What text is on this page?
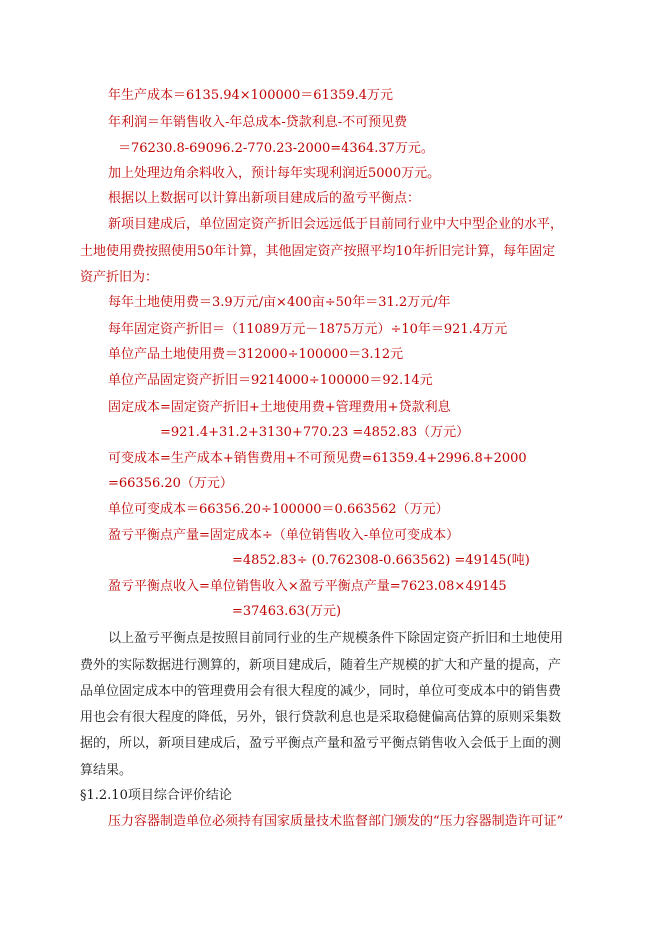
年生产成本＝6135.94×100000＝61359.4万元
年利润＝年销售收入-年总成本-贷款利息-不可预见费
＝76230.8-69096.2-770.23-2000=4364.37万元。
加上处理边角余料收入，预计每年实现利润近5000万元。
根据以上数据可以计算出新项目建成后的盈亏平衡点：
新项目建成后，单位固定资产折旧会远远低于目前同行业中大中型企业的水平，
土地使用费按照使用50年计算，其他固定资产按照平均10年折旧完计算，每年固定
资产折旧为：
每年土地使用费＝3.9万元/亩×400亩÷50年＝31.2万元/年
每年固定资产折旧＝（11089万元－1875万元）÷10年＝921.4万元
单位产品土地使用费＝312000÷100000＝3.12元
单位产品固定资产折旧＝9214000÷100000＝92.14元
固定成本=固定资产折旧+土地使用费+管理费用+贷款利息
=921.4+31.2+3130+770.23 =4852.83（万元）
可变成本=生产成本+销售费用+不可预见费=61359.4+2996.8+2000
=66356.20（万元）
单位可变成本＝66356.20÷100000＝0.663562（万元）
盈亏平衡点产量=固定成本÷（单位销售收入-单位可变成本）
=4852.83÷ (0.762308-0.663562) =49145(吨)
盈亏平衡点收入=单位销售收入×盈亏平衡点产量=7623.08×49145
=37463.63(万元)
以上盈亏平衡点是按照目前同行业的生产规模条件下除固定资产折旧和土地使用
费外的实际数据进行测算的，新项目建成后，随着生产规模的扩大和产量的提高，产
品单位固定成本中的管理费用会有很大程度的减少，同时，单位可变成本中的销售费
用也会有很大程度的降低，另外，银行贷款利息也是采取稳健偏高估算的原则采集数
据的，所以，新项目建成后，盈亏平衡点产量和盈亏平衡点销售收入会低于上面的测
算结果。
§1.2.10项目综合评价结论
压力容器制造单位必须持有国家质量技术监督部门颁发的“压力容器制造许可证”
